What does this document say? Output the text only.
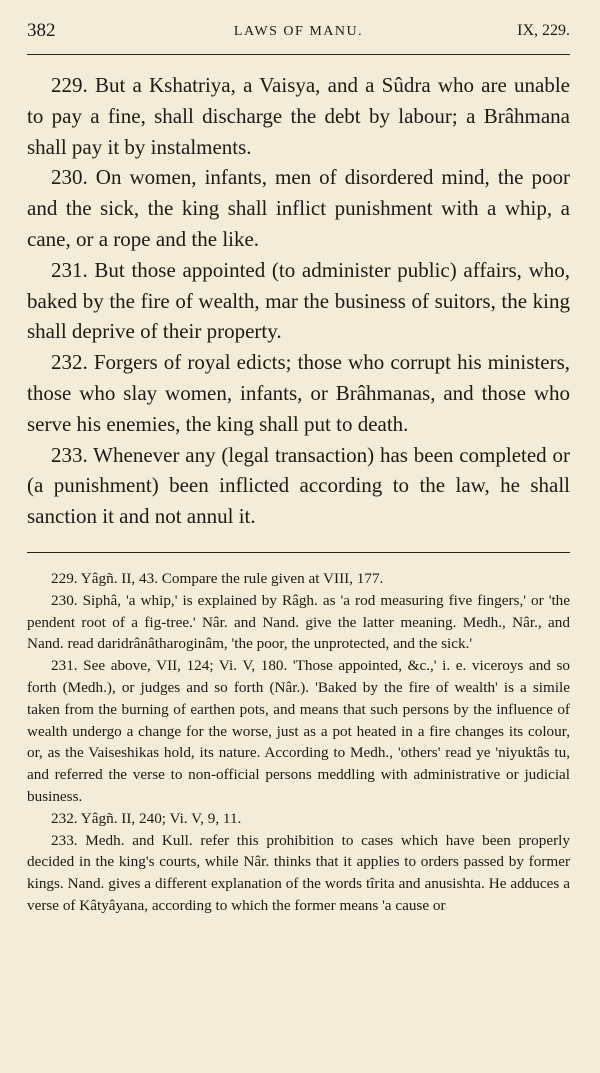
382	LAWS OF MANU.	IX, 229.

229. But a Kshatriya, a Vaisya, and a Sûdra who are unable to pay a fine, shall discharge the debt by labour; a Brâhmana shall pay it by instalments.

230. On women, infants, men of disordered mind, the poor and the sick, the king shall inflict punishment with a whip, a cane, or a rope and the like.

231. But those appointed (to administer public) affairs, who, baked by the fire of wealth, mar the business of suitors, the king shall deprive of their property.

232. Forgers of royal edicts; those who corrupt his ministers, those who slay women, infants, or Brâhmanas, and those who serve his enemies, the king shall put to death.

233. Whenever any (legal transaction) has been completed or (a punishment) been inflicted according to the law, he shall sanction it and not annul it.

229. Yâgñ. II, 43. Compare the rule given at VIII, 177.

230. Siphâ, 'a whip,' is explained by Râgh. as 'a rod measuring five fingers,' or 'the pendent root of a fig-tree.' Nâr. and Nand. give the latter meaning. Medh., Nâr., and Nand. read daridrânâtharoginâm, 'the poor, the unprotected, and the sick.'

231. See above, VII, 124; Vi. V, 180. 'Those appointed, &c.,' i. e. viceroys and so forth (Medh.), or judges and so forth (Nâr.). 'Baked by the fire of wealth' is a simile taken from the burning of earthen pots, and means that such persons by the influence of wealth undergo a change for the worse, just as a pot heated in a fire changes its colour, or, as the Vaiseshikas hold, its nature. According to Medh., 'others' read ye 'niyuktâs tu, and referred the verse to non-official persons meddling with administrative or judicial business.

232. Yâgñ. II, 240; Vi. V, 9, 11.

233. Medh. and Kull. refer this prohibition to cases which have been properly decided in the king's courts, while Nâr. thinks that it applies to orders passed by former kings. Nand. gives a different explanation of the words tîrita and anusishta. He adduces a verse of Kâtyâyana, according to which the former means 'a cause or
